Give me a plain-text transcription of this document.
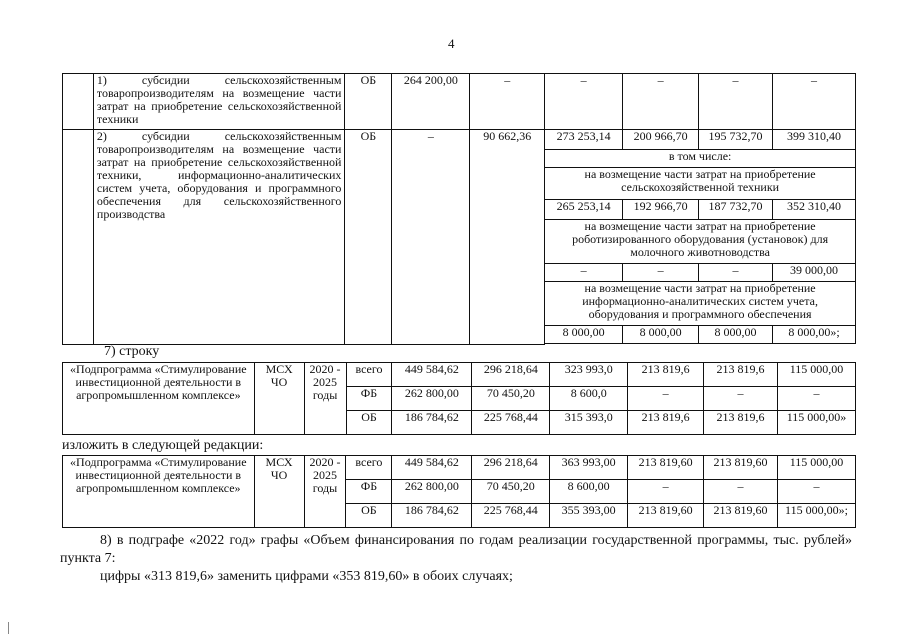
4
	1) субсидии сельскохозяйственным товаропроизводителям на возмещение части затрат на приобретение сельскохозяйственной техники	ОБ	264 200,00	–	–	–	–	–
	2) субсидии сельскохозяйственным товаропроизводителям на возмещение части затрат на приобретение сельскохозяйственной техники, информационно-аналитических систем учета, оборудования и программного обеспечения для сельскохозяйственного производства	ОБ	–	90 662,36	273 253,14	200 966,70	195 732,70	399 310,40
					в том числе:			
					на возмещение части затрат на приобретение сельскохозяйственной техники			
					265 253,14	192 966,70	187 732,70	352 310,40
					на возмещение части затрат на приобретение роботизированного оборудования (установок) для молочного животноводства			
					–	–	–	39 000,00
					на возмещение части затрат на приобретение информационно-аналитических систем учета, оборудования и программного обеспечения			
					8 000,00	8 000,00	8 000,00	8 000,00»;

7) строку
«Подпрограмма «Стимулирование инвестиционной деятельности в агропромышленном комплексе»	МСХ ЧО	2020 - 2025 годы	всего	449 584,62	296 218,64	323 993,0	213 819,6	213 819,6	115 000,00
			ФБ	262 800,00	70 450,20	8 600,0	–	–	–
			ОБ	186 784,62	225 768,44	315 393,0	213 819,6	213 819,6	115 000,00»
изложить в следующей редакции:
«Подпрограмма «Стимулирование инвестиционной деятельности в агропромышленном комплексе»	МСХ ЧО	2020 - 2025 годы	всего	449 584,62	296 218,64	363 993,00	213 819,60	213 819,60	115 000,00
			ФБ	262 800,00	70 450,20	8 600,00	–	–	–
			ОБ	186 784,62	225 768,44	355 393,00	213 819,60	213 819,60	115 000,00»;
8) в подграфе «2022 год» графы «Объем финансирования по годам реализации государственной программы, тыс. рублей» пункта 7:
цифры «313 819,6» заменить цифрами «353 819,60» в обоих случаях;
